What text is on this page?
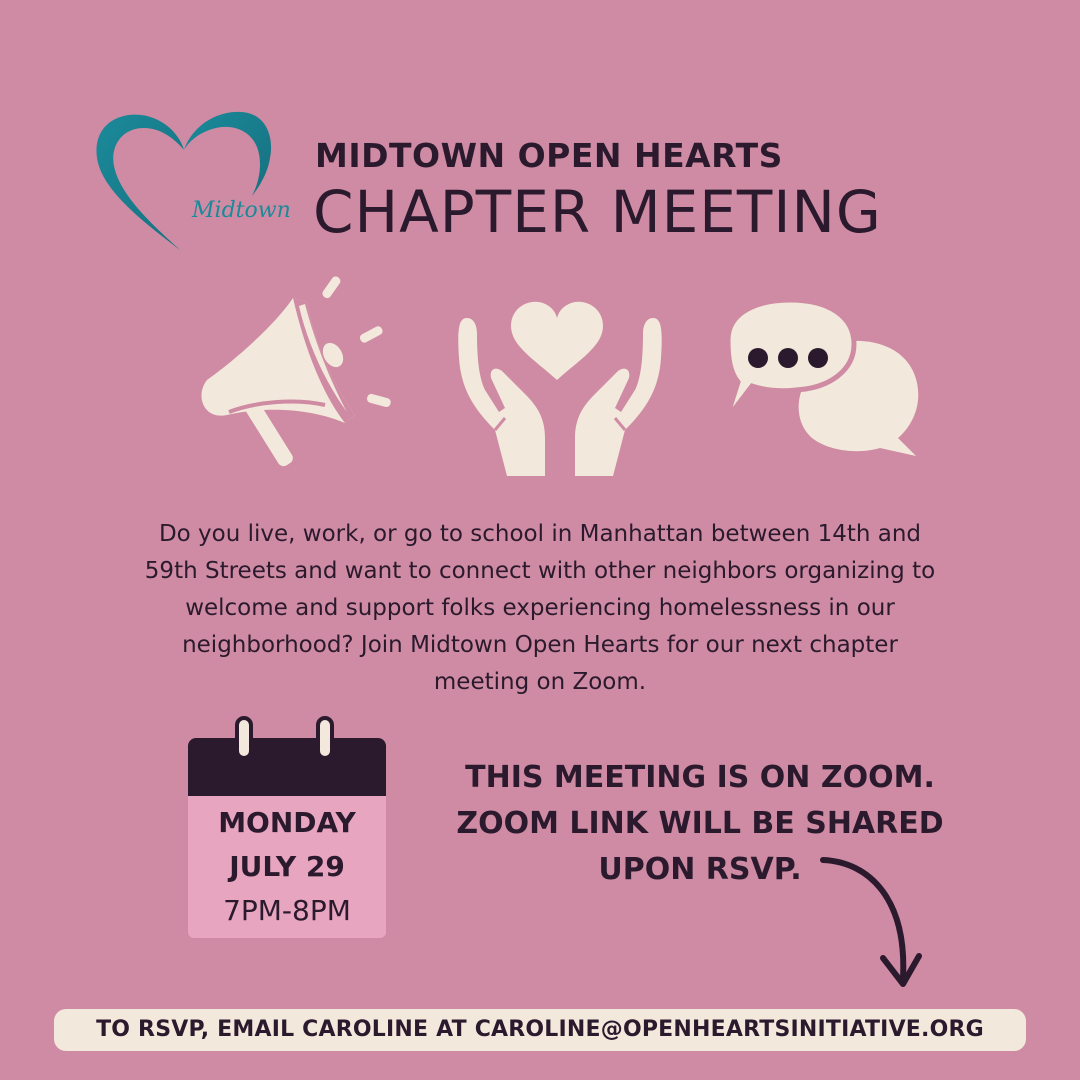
Midtown
MIDTOWN OPEN HEARTS
CHAPTER MEETING
Do you live, work, or go to school in Manhattan between 14th and
59th Streets and want to connect with other neighbors organizing to
welcome and support folks experiencing homelessness in our
neighborhood? Join Midtown Open Hearts for our next chapter
meeting on Zoom.
MONDAY
JULY 29
7PM-8PM
THIS MEETING IS ON ZOOM.
ZOOM LINK WILL BE SHARED
UPON RSVP.
TO RSVP, EMAIL CAROLINE AT CAROLINE@OPENHEARTSINITIATIVE.ORG
